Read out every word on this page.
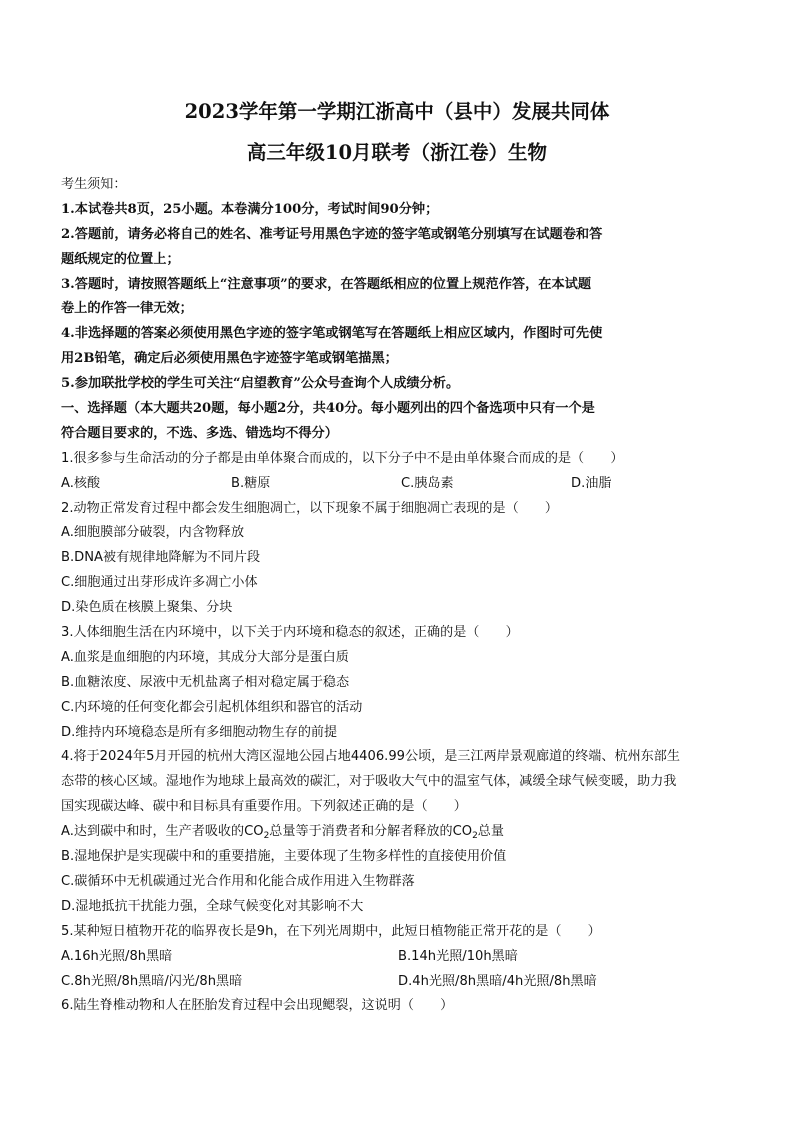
2023学年第一学期江浙高中（县中）发展共同体
高三年级10月联考（浙江卷）生物

考生须知：

1.本试卷共8页，25小题。本卷满分100分，考试时间90分钟；

2.答题前，请务必将自己的姓名、准考证号用黑色字迹的签字笔或钢笔分别填写在试题卷和答

题纸规定的位置上；

3.答题时，请按照答题纸上“注意事项”的要求，在答题纸相应的位置上规范作答，在本试题

卷上的作答一律无效；

4.非选择题的答案必须使用黑色字迹的签字笔或钢笔写在答题纸上相应区域内，作图时可先使

用2B铅笔，确定后必须使用黑色字迹签字笔或钢笔描黑；

5.参加联批学校的学生可关注“启望教育”公众号查询个人成绩分析。

一、选择题（本大题共20题，每小题2分，共40分。每小题列出的四个备选项中只有一个是

符合题目要求的，不选、多选、错选均不得分）

1.很多参与生命活动的分子都是由单体聚合而成的，以下分子中不是由单体聚合而成的是（　　）

A.核酸	B.糖原	C.胰岛素	D.油脂

2.动物正常发育过程中都会发生细胞凋亡，以下现象不属于细胞凋亡表现的是（　　）

A.细胞膜部分破裂，内含物释放

B.DNA被有规律地降解为不同片段

C.细胞通过出芽形成许多凋亡小体

D.染色质在核膜上聚集、分块

3.人体细胞生活在内环境中，以下关于内环境和稳态的叙述，正确的是（　　）

A.血浆是血细胞的内环境，其成分大部分是蛋白质

B.血糖浓度、尿液中无机盐离子相对稳定属于稳态

C.内环境的任何变化都会引起机体组织和器官的活动

D.维持内环境稳态是所有多细胞动物生存的前提

4.将于2024年5月开园的杭州大湾区湿地公园占地4406.99公顷，是三江两岸景观廊道的终端、杭州东部生

态带的核心区域。湿地作为地球上最高效的碳汇，对于吸收大气中的温室气体，减缓全球气候变暖，助力我

国实现碳达峰、碳中和目标具有重要作用。下列叙述正确的是（　　）

A.达到碳中和时，生产者吸收的$CO_2$总量等于消费者和分解者释放的$CO_2$总量

B.湿地保护是实现碳中和的重要措施，主要体现了生物多样性的直接使用价值

C.碳循环中无机碳通过光合作用和化能合成作用进入生物群落

D.湿地抵抗干扰能力强，全球气候变化对其影响不大

5.某种短日植物开花的临界夜长是9h，在下列光周期中，此短日植物能正常开花的是（　　）

A.16h光照/8h黑暗	B.14h光照/10h黑暗
C.8h光照/8h黑暗/闪光/8h黑暗	D.4h光照/8h黑暗/4h光照/8h黑暗

6.陆生脊椎动物和人在胚胎发育过程中会出现鳃裂，这说明（　　）
